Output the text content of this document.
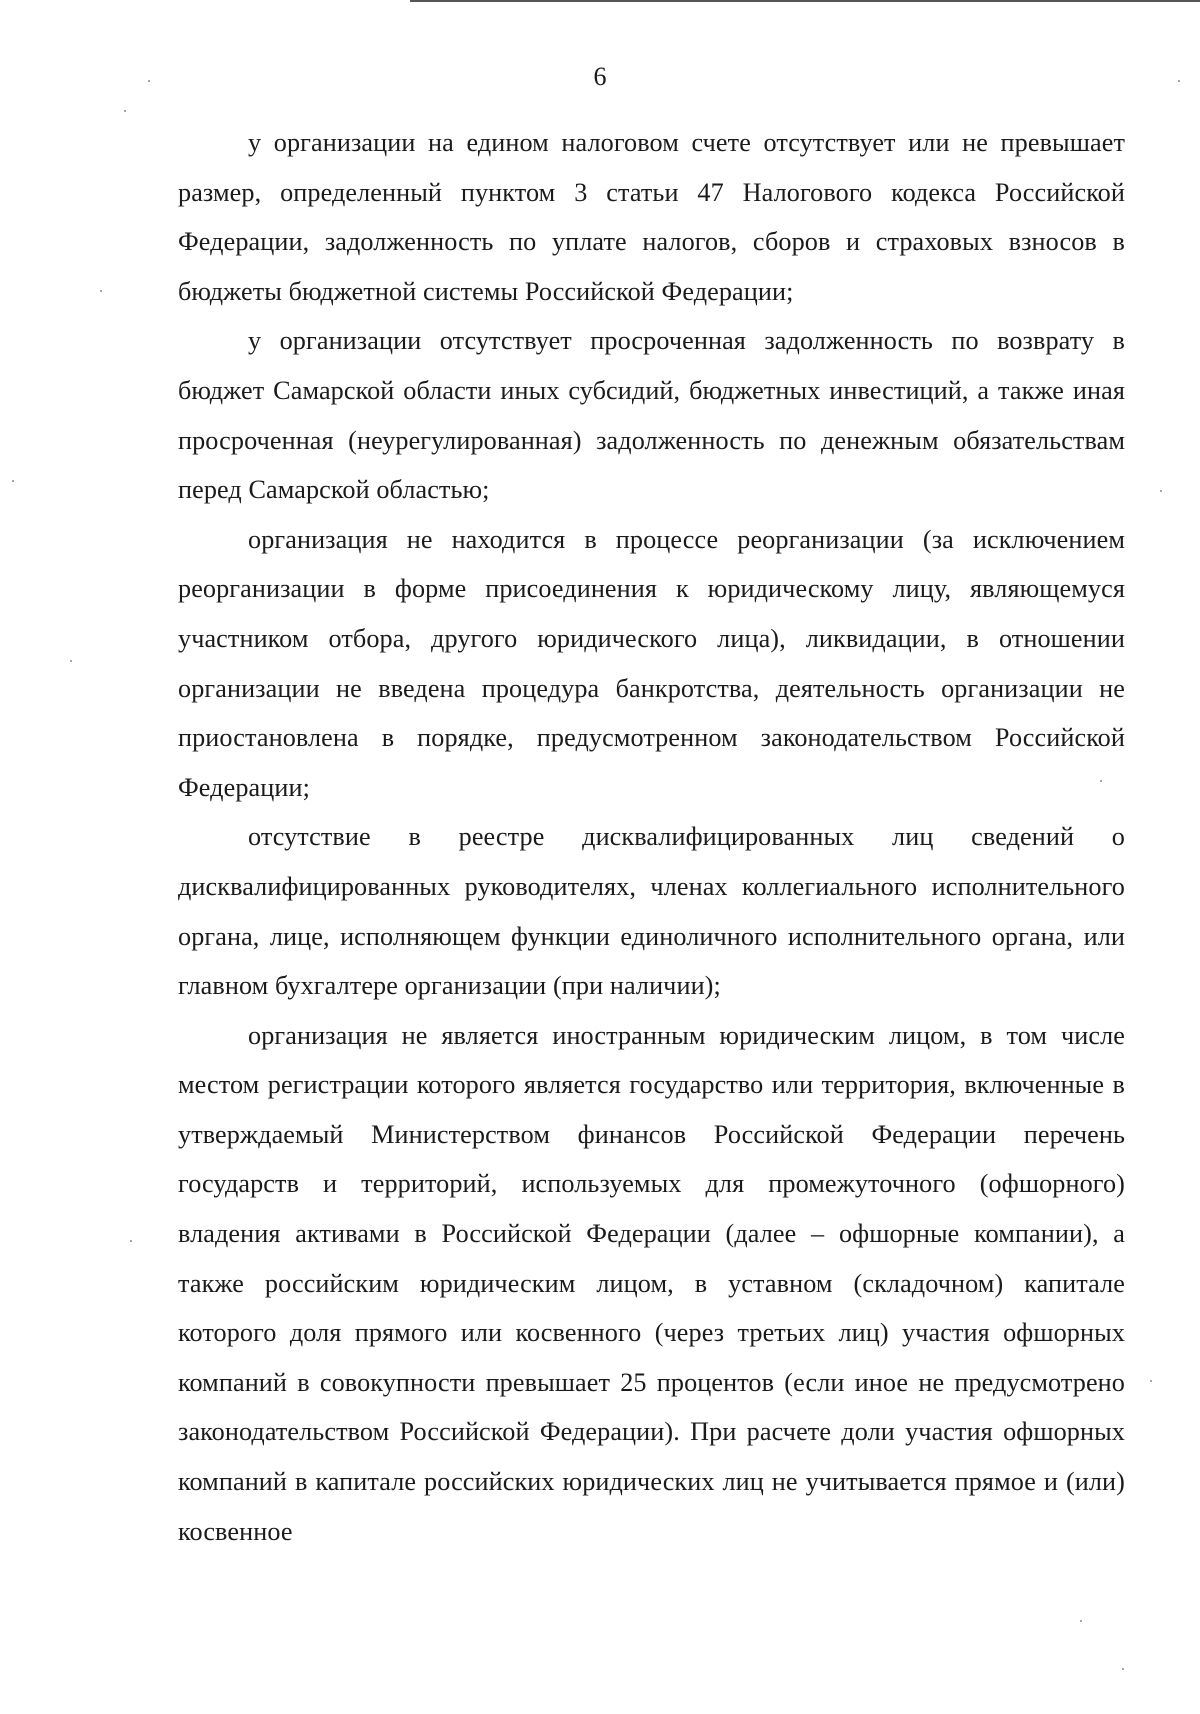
6

у организации на едином налоговом счете отсутствует или не превышает размер, определенный пунктом 3 статьи 47 Налогового кодекса Российской Федерации, задолженность по уплате налогов, сборов и страховых взносов в бюджеты бюджетной системы Российской Федерации;

у организации отсутствует просроченная задолженность по возврату в бюджет Самарской области иных субсидий, бюджетных инвестиций, а также иная просроченная (неурегулированная) задолженность по денежным обязательствам перед Самарской областью;

организация не находится в процессе реорганизации (за исключением реорганизации в форме присоединения к юридическому лицу, являющемуся участником отбора, другого юридического лица), ликвидации, в отношении организации не введена процедура банкротства, деятельность организации не приостановлена в порядке, предусмотренном законодательством Российской Федерации;

отсутствие в реестре дисквалифицированных лиц сведений о дисквалифицированных руководителях, членах коллегиального исполнительного органа, лице, исполняющем функции единоличного исполнительного органа, или главном бухгалтере организации (при наличии);

организация не является иностранным юридическим лицом, в том числе местом регистрации которого является государство или территория, включенные в утверждаемый Министерством финансов Российской Федерации перечень государств и территорий, используемых для промежуточного (офшорного) владения активами в Российской Федерации (далее – офшорные компании), а также российским юридическим лицом, в уставном (складочном) капитале которого доля прямого или косвенного (через третьих лиц) участия офшорных компаний в совокупности превышает 25 процентов (если иное не предусмотрено законодательством Российской Федерации). При расчете доли участия офшорных компаний в капитале российских юридических лиц не учитывается прямое и (или) косвенное
